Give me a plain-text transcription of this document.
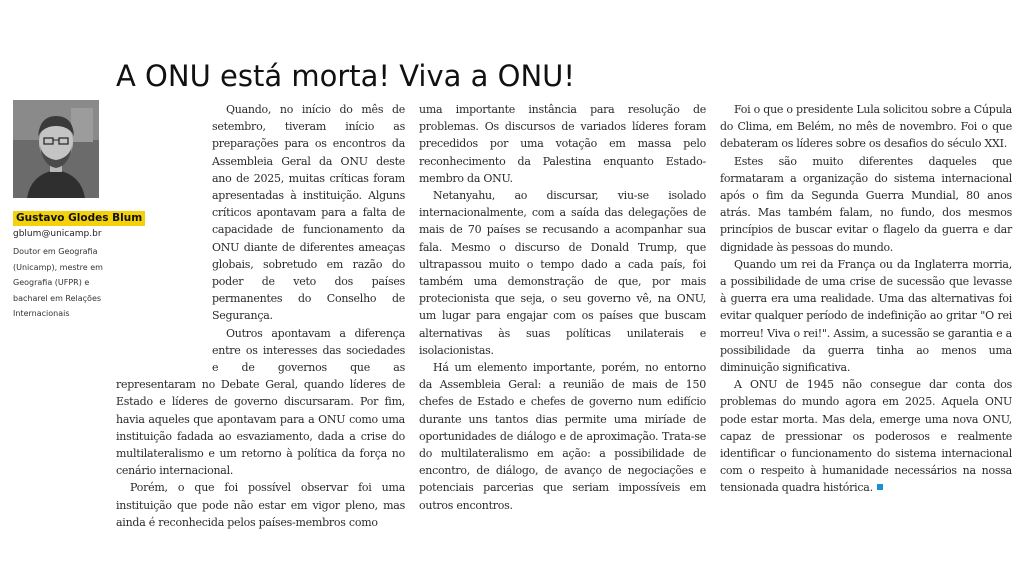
A ONU está morta! Viva a ONU!
Gustavo Glodes Blum
gblum@unicamp.br

Doutor em Geografia (Unicamp), mestre em Geografia (UFPR) e bacharel em Relações Internacionais

Quando, no início do mês de setembro, tiveram início as preparações para os encontros da Assembleia Geral da ONU deste ano de 2025, muitas críticas foram apresentadas à instituição. Alguns críticos apontavam para a falta de capacidade de funcionamento da ONU diante de diferentes ameaças globais, sobretudo em razão do poder de veto dos países permanentes do Conselho de Segurança.

Outros apontavam a diferença entre os interesses das sociedades e de governos que as representaram no Debate Geral, quando líderes de Estado e líderes de governo discursaram. Por fim, havia aqueles que apontavam para a ONU como uma instituição fadada ao esvaziamento, dada a crise do multilateralismo e um retorno à política da força no cenário internacional.

Porém, o que foi possível observar foi uma instituição que pode não estar em vigor pleno, mas ainda é reconhecida pelos países-membros como

uma importante instância para resolução de problemas. Os discursos de variados líderes foram precedidos por uma votação em massa pelo reconhecimento da Palestina enquanto Estado-membro da ONU.

Netanyahu, ao discursar, viu-se isolado internacionalmente, com a saída das delegações de mais de 70 países se recusando a acompanhar sua fala. Mesmo o discurso de Donald Trump, que ultrapassou muito o tempo dado a cada país, foi também uma demonstração de que, por mais protecionista que seja, o seu governo vê, na ONU, um lugar para engajar com os países que buscam alternativas às suas políticas unilaterais e isolacionistas.

Há um elemento importante, porém, no entorno da Assembleia Geral: a reunião de mais de 150 chefes de Estado e chefes de governo num edifício durante uns tantos dias permite uma miríade de oportunidades de diálogo e de aproximação. Trata-se do multilateralismo em ação: a possibilidade de encontro, de diálogo, de avanço de negociações e potenciais parcerias que seriam impossíveis em outros encontros.

Foi o que o presidente Lula solicitou sobre a Cúpula do Clima, em Belém, no mês de novembro. Foi o que debateram os líderes sobre os desafios do século XXI.

Estes são muito diferentes daqueles que formataram a organização do sistema internacional após o fim da Segunda Guerra Mundial, 80 anos atrás. Mas também falam, no fundo, dos mesmos princípios de buscar evitar o flagelo da guerra e dar dignidade às pessoas do mundo.

Quando um rei da França ou da Inglaterra morria, a possibilidade de uma crise de sucessão que levasse à guerra era uma realidade. Uma das alternativas foi evitar qualquer período de indefinição ao gritar "O rei morreu! Viva o rei!". Assim, a sucessão se garantia e a possibilidade da guerra tinha ao menos uma diminuição significativa.

A ONU de 1945 não consegue dar conta dos problemas do mundo agora em 2025. Aquela ONU pode estar morta. Mas dela, emerge uma nova ONU, capaz de pressionar os poderosos e realmente identificar o funcionamento do sistema internacional com o respeito à humanidade necessários na nossa tensionada quadra histórica.
